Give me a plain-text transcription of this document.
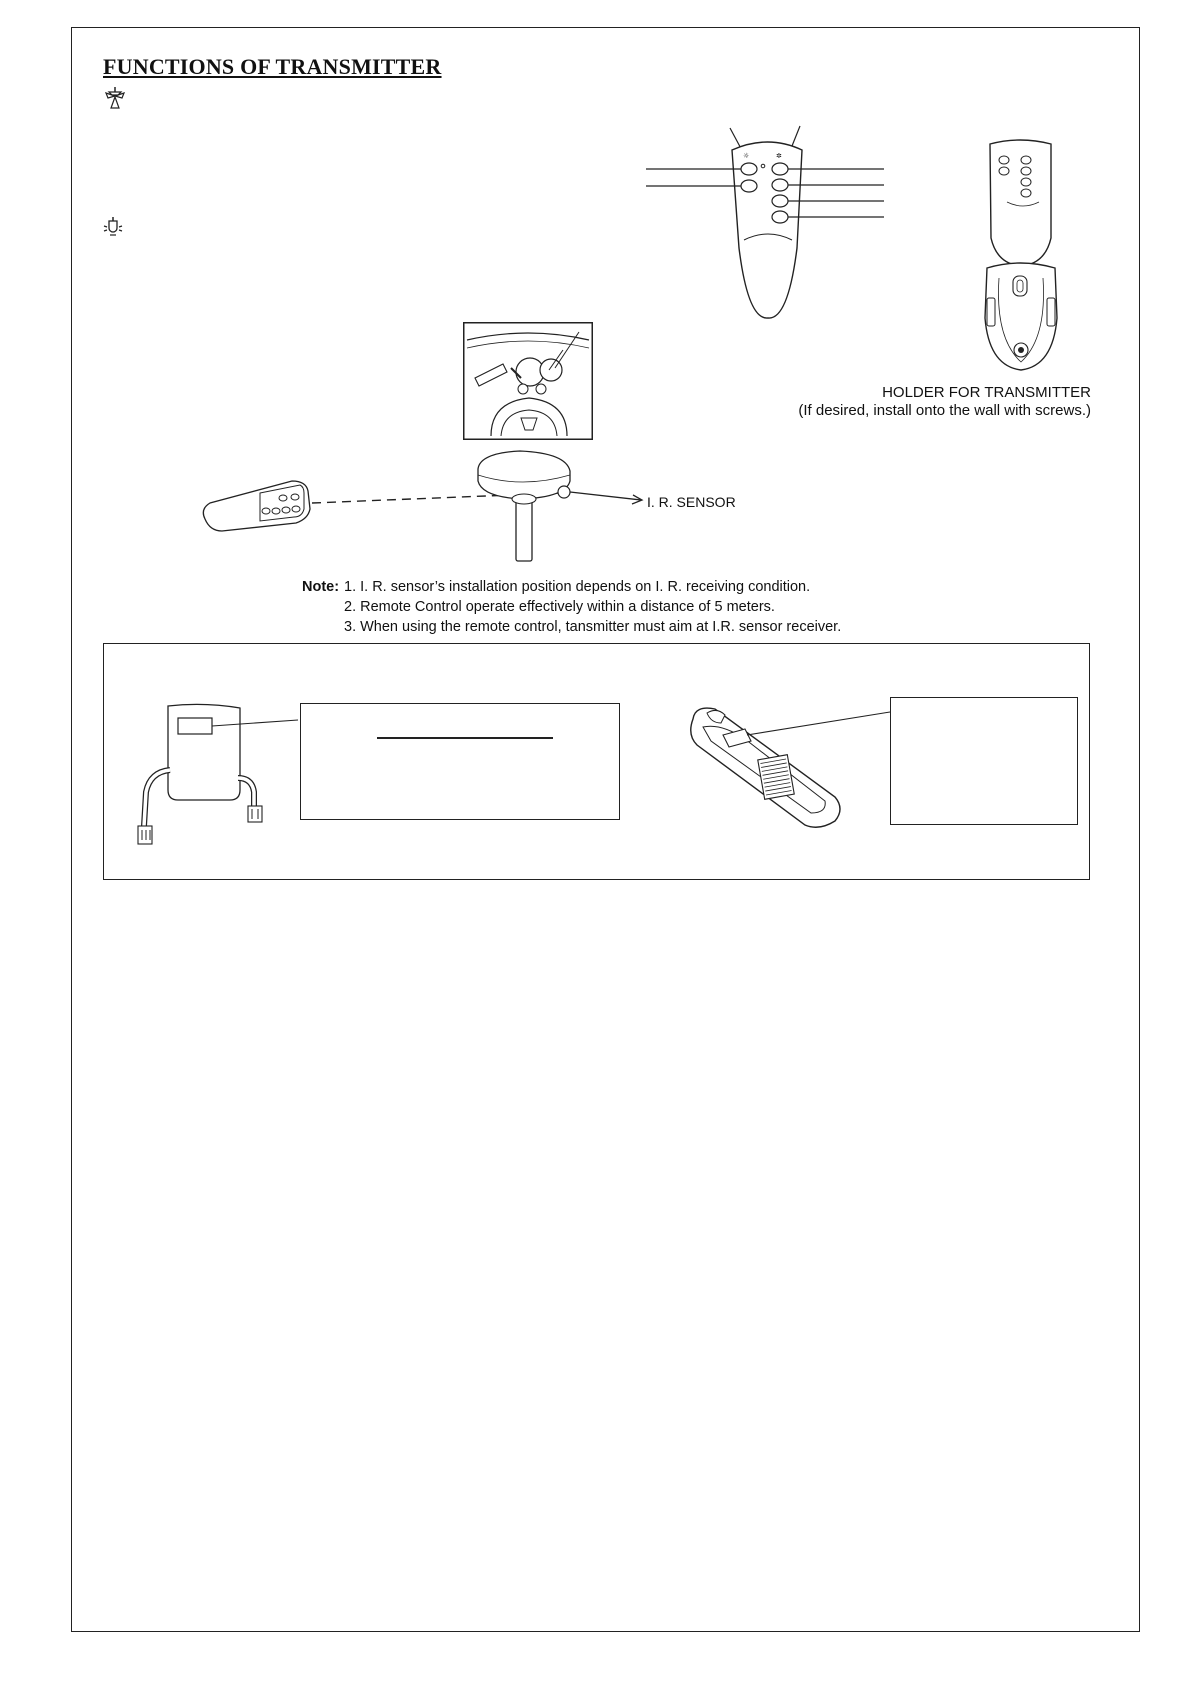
FUNCTIONS OF TRANSMITTER
☼	✲
HOLDER FOR TRANSMITTER
(If desired, install onto the wall with screws.)
I. R. SENSOR
Note: 1. I. R. sensor’s installation position depends on I. R. receiving condition.
2. Remote Control operate effectively within a distance of 5 meters.
3. When using the remote control, tansmitter must aim at I.R. sensor receiver.
